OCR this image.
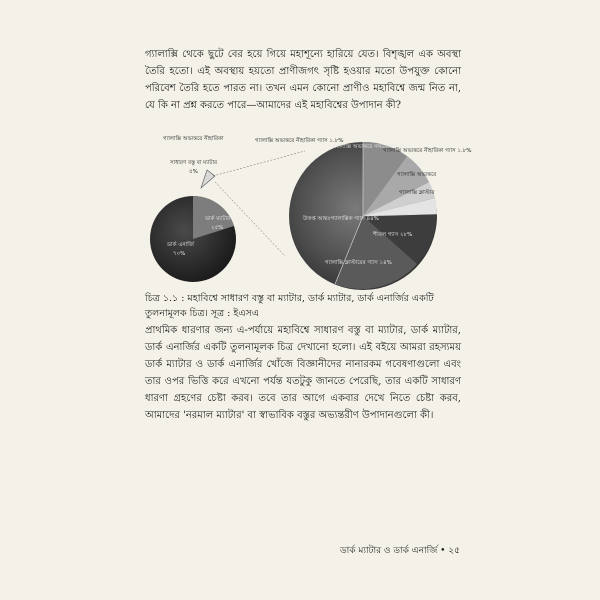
গ্যালাক্সি থেকে ছুটে বের হয়ে গিয়ে মহাশূন্যে হারিয়ে যেত। বিশৃঙ্খল এক অবস্থা তৈরি হতো। এই অবস্থায় হয়তো প্রাণীজগৎ সৃষ্টি হওয়ার মতো উপযুক্ত কোনো পরিবেশ তৈরি হতে পারত না। তখন এমন কোনো প্রাণীও মহাবিশ্বে জন্ম নিত না, যে কি না প্রশ্ন করতে পারে—আমাদের এই মহাবিশ্বের উপাদান কী?

গ্যালাক্সি অভ্যন্তরে নীহারিকা
সাধারণ বস্তু বা ম্যাটার
৫%
ডার্ক ম্যাটার
২৫%
ডার্ক এনার্জি
৭০%
গ্যালাক্সি অভ্যন্তরে নীহারিকা গ্যাস ১.৮%
গ্যালাক্সি অভ্যন্তরে নক্ষত্ররাজি ৭%
গ্যালাক্সি অভ্যন্তরে নীহারিকা গ্যাস ১.৮%
গ্যালাক্সি অভ্যন্তরে
গ্যালাক্সি ক্লাস্টার
উত্তপ্ত আন্তঃগ্যালাক্সিক গ্যাস ৪৪%
শীতল গ্যাস ২৮%
গ্যালাক্সি ক্লাস্টারের গ্যাস ১৪%

চিত্র ১.১ : মহাবিশ্বে সাধারণ বস্তু বা ম্যাটার, ডার্ক ম্যাটার, ডার্ক এনার্জির একটি তুলনামূলক চিত্র। সূত্র : ইএসএ

প্রাথমিক ধারণার জন্য এ-পর্যায়ে মহাবিশ্বে সাধারণ বস্তু বা ম্যাটার, ডার্ক ম্যাটার, ডার্ক এনার্জির একটি তুলনামূলক চিত্র দেখানো হলো। এই বইয়ে আমরা রহস্যময় ডার্ক ম্যাটার ও ডার্ক এনার্জির খোঁজে বিজ্ঞানীদের নানারকম গবেষণাগুলো এবং তার ওপর ভিত্তি করে এখনো পর্যন্ত যতটুকু জানতে পেরেছি, তার একটি সাধারণ ধারণা গ্রহণের চেষ্টা করব। তবে তার আগে একবার দেখে নিতে চেষ্টা করব, আমাদের 'নরমাল ম্যাটার' বা স্বাভাবিক বস্তুর অভ্যন্তরীণ উপাদানগুলো কী।

ডার্ক ম্যাটার ও ডার্ক এনার্জি • ২৫
